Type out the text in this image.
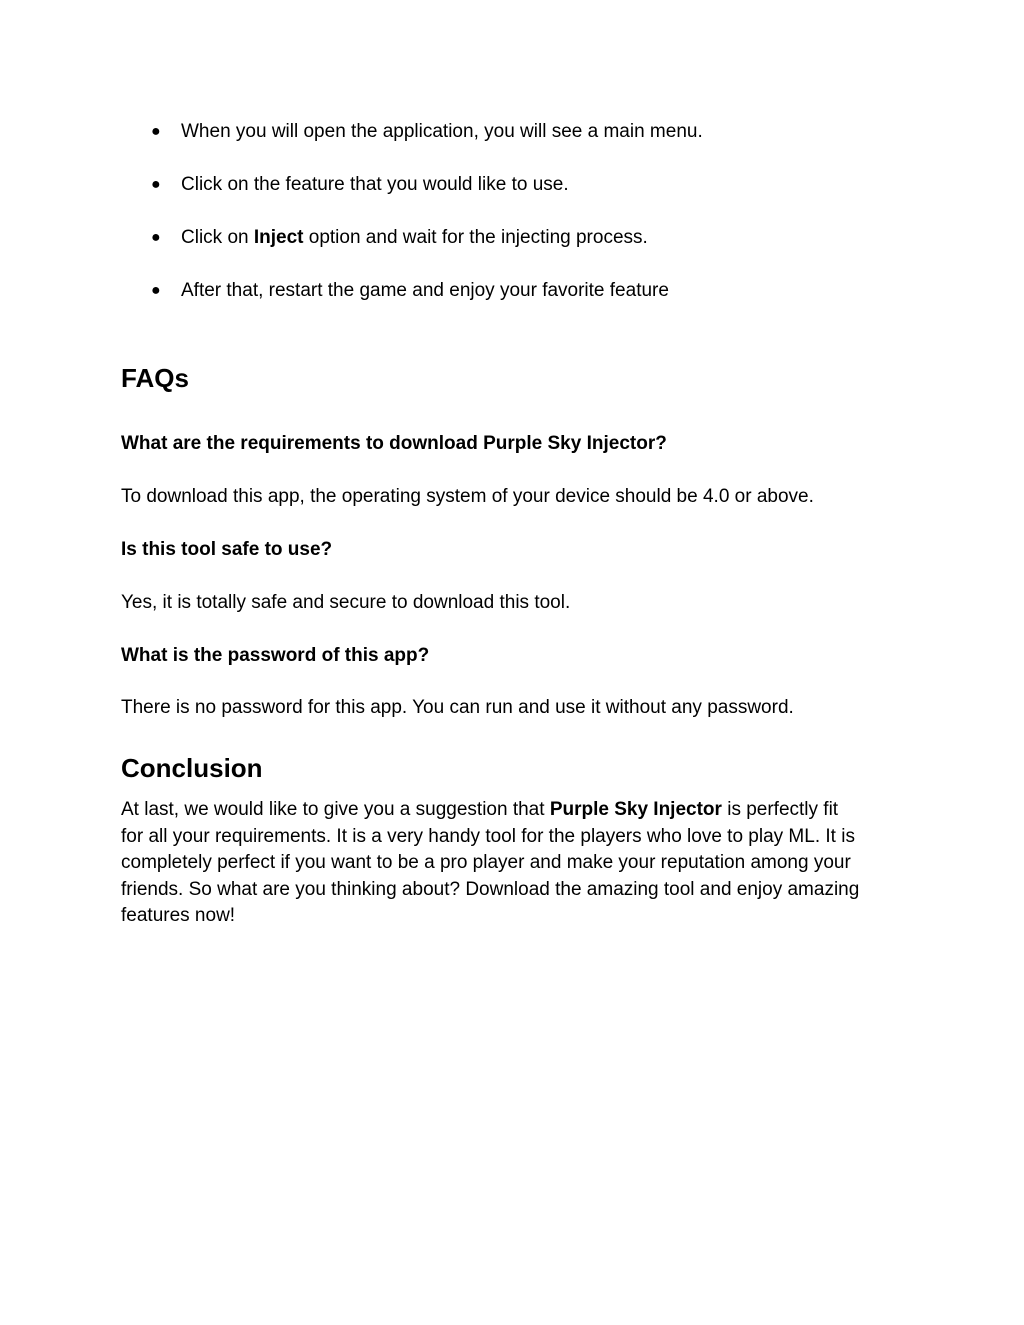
● When you will open the application, you will see a main menu.
● Click on the feature that you would like to use.
● Click on Inject option and wait for the injecting process.
● After that, restart the game and enjoy your favorite feature
FAQs

What are the requirements to download Purple Sky Injector?

To download this app, the operating system of your device should be 4.0 or above.

Is this tool safe to use?

Yes, it is totally safe and secure to download this tool.

What is the password of this app?

There is no password for this app. You can run and use it without any password.

Conclusion

At last, we would like to give you a suggestion that Purple Sky Injector is perfectly fit
for all your requirements. It is a very handy tool for the players who love to play ML. It is
completely perfect if you want to be a pro player and make your reputation among your
friends. So what are you thinking about? Download the amazing tool and enjoy amazing
features now!
